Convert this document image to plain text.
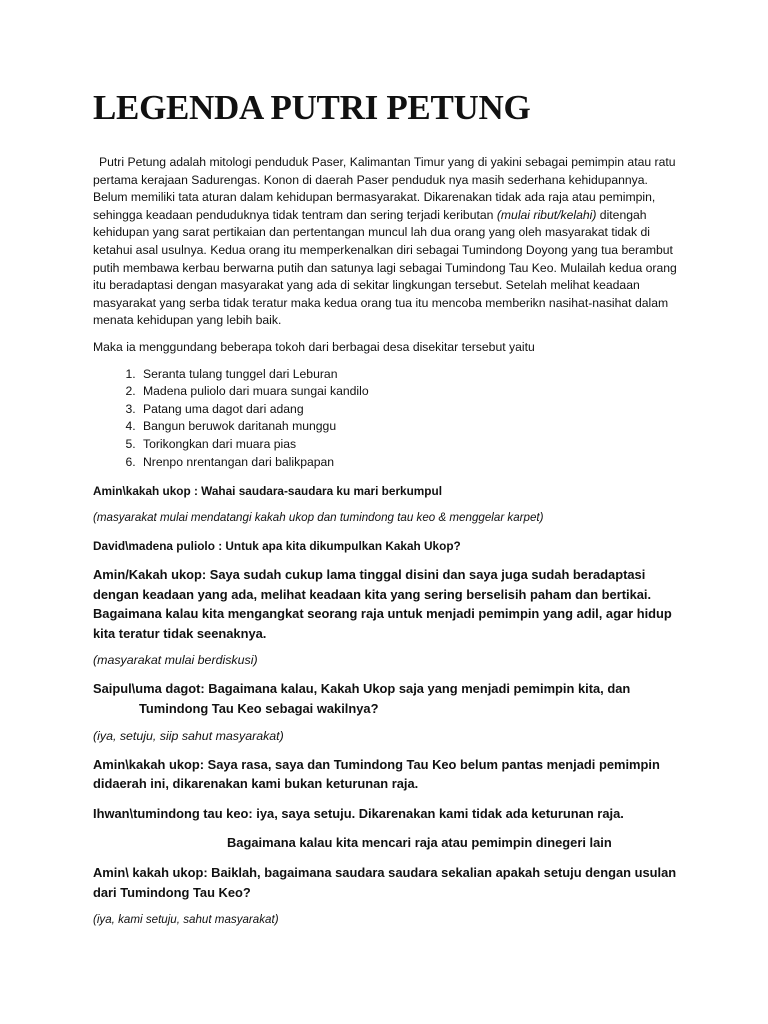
LEGENDA PUTRI PETUNG

Putri Petung adalah mitologi penduduk Paser, Kalimantan Timur yang di yakini sebagai pemimpin atau ratu pertama kerajaan Sadurengas. Konon di daerah Paser penduduk nya masih sederhana kehidupannya. Belum memiliki tata aturan dalam kehidupan bermasyarakat. Dikarenakan tidak ada raja atau pemimpin, sehingga keadaan penduduknya tidak tentram dan sering terjadi keributan (mulai ribut/kelahi) ditengah kehidupan yang sarat pertikaian dan pertentangan muncul lah dua orang yang oleh masyarakat tidak di ketahui asal usulnya. Kedua orang itu memperkenalkan diri sebagai Tumindong Doyong yang tua berambut putih membawa kerbau berwarna putih dan satunya lagi sebagai Tumindong Tau Keo. Mulailah kedua orang itu beradaptasi dengan masyarakat yang ada di sekitar lingkungan tersebut. Setelah melihat keadaan masyarakat yang serba tidak teratur maka kedua orang tua itu mencoba memberikn nasihat-nasihat dalam menata kehidupan yang lebih baik.

Maka ia menggundang beberapa tokoh dari berbagai desa disekitar tersebut yaitu

1. Seranta tulang tunggel dari Leburan
2. Madena puliolo dari muara sungai kandilo
3. Patang uma dagot dari adang
4. Bangun beruwok daritanah munggu
5. Torikongkan dari muara pias
6. Nrenpo nrentangan dari balikpapan

Amin\kakah ukop : Wahai saudara-saudara ku mari berkumpul

(masyarakat mulai mendatangi kakah ukop dan tumindong tau keo & menggelar karpet)

David\madena puliolo : Untuk apa kita dikumpulkan Kakah Ukop?

Amin/Kakah ukop: Saya sudah cukup lama tinggal disini dan saya juga sudah beradaptasi dengan keadaan yang ada, melihat keadaan kita yang sering berselisih paham dan bertikai. Bagaimana kalau kita mengangkat seorang raja untuk menjadi pemimpin yang adil, agar hidup kita teratur tidak seenaknya.

(masyarakat mulai berdiskusi)

Saipul\uma dagot: Bagaimana kalau, Kakah Ukop saja yang menjadi pemimpin kita, dan Tumindong Tau Keo sebagai wakilnya?

(iya, setuju, siip sahut masyarakat)

Amin\kakah ukop: Saya rasa, saya dan Tumindong Tau Keo belum pantas menjadi pemimpin didaerah ini, dikarenakan kami bukan keturunan raja.

Ihwan\tumindong tau keo: iya, saya setuju. Dikarenakan kami tidak ada keturunan raja.

Bagaimana kalau kita mencari raja atau pemimpin dinegeri lain

Amin\ kakah ukop: Baiklah, bagaimana saudara saudara sekalian apakah setuju dengan usulan dari Tumindong Tau Keo?

(iya, kami setuju, sahut masyarakat)
